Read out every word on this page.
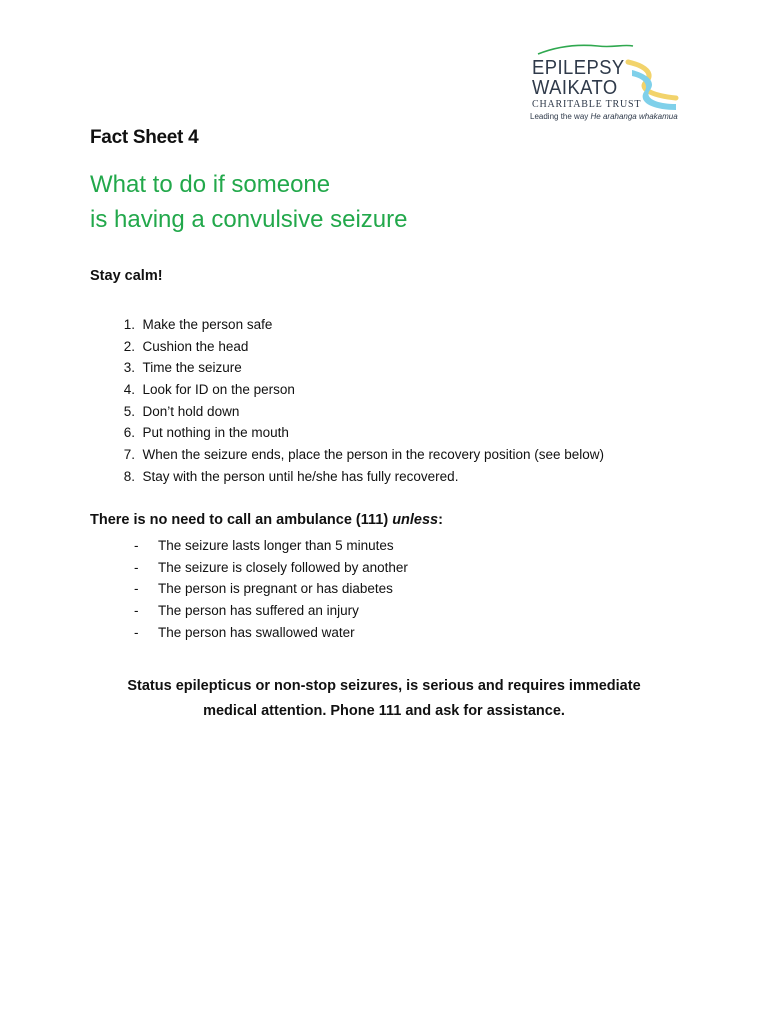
EPILEPSY
WAIKATO
CHARITABLE TRUST
Leading the way He arahanga whakamua
Fact Sheet 4
What to do if someone
is having a convulsive seizure

Stay calm!

1. Make the person safe
2. Cushion the head
3. Time the seizure
4. Look for ID on the person
5. Don’t hold down
6. Put nothing in the mouth
7. When the seizure ends, place the person in the recovery position (see below)
8. Stay with the person until he/she has fully recovered.

There is no need to call an ambulance (111) unless:

- The seizure lasts longer than 5 minutes
- The seizure is closely followed by another
- The person is pregnant or has diabetes
- The person has suffered an injury
- The person has swallowed water

Status epilepticus or non-stop seizures, is serious and requires immediate
medical attention. Phone 111 and ask for assistance.
